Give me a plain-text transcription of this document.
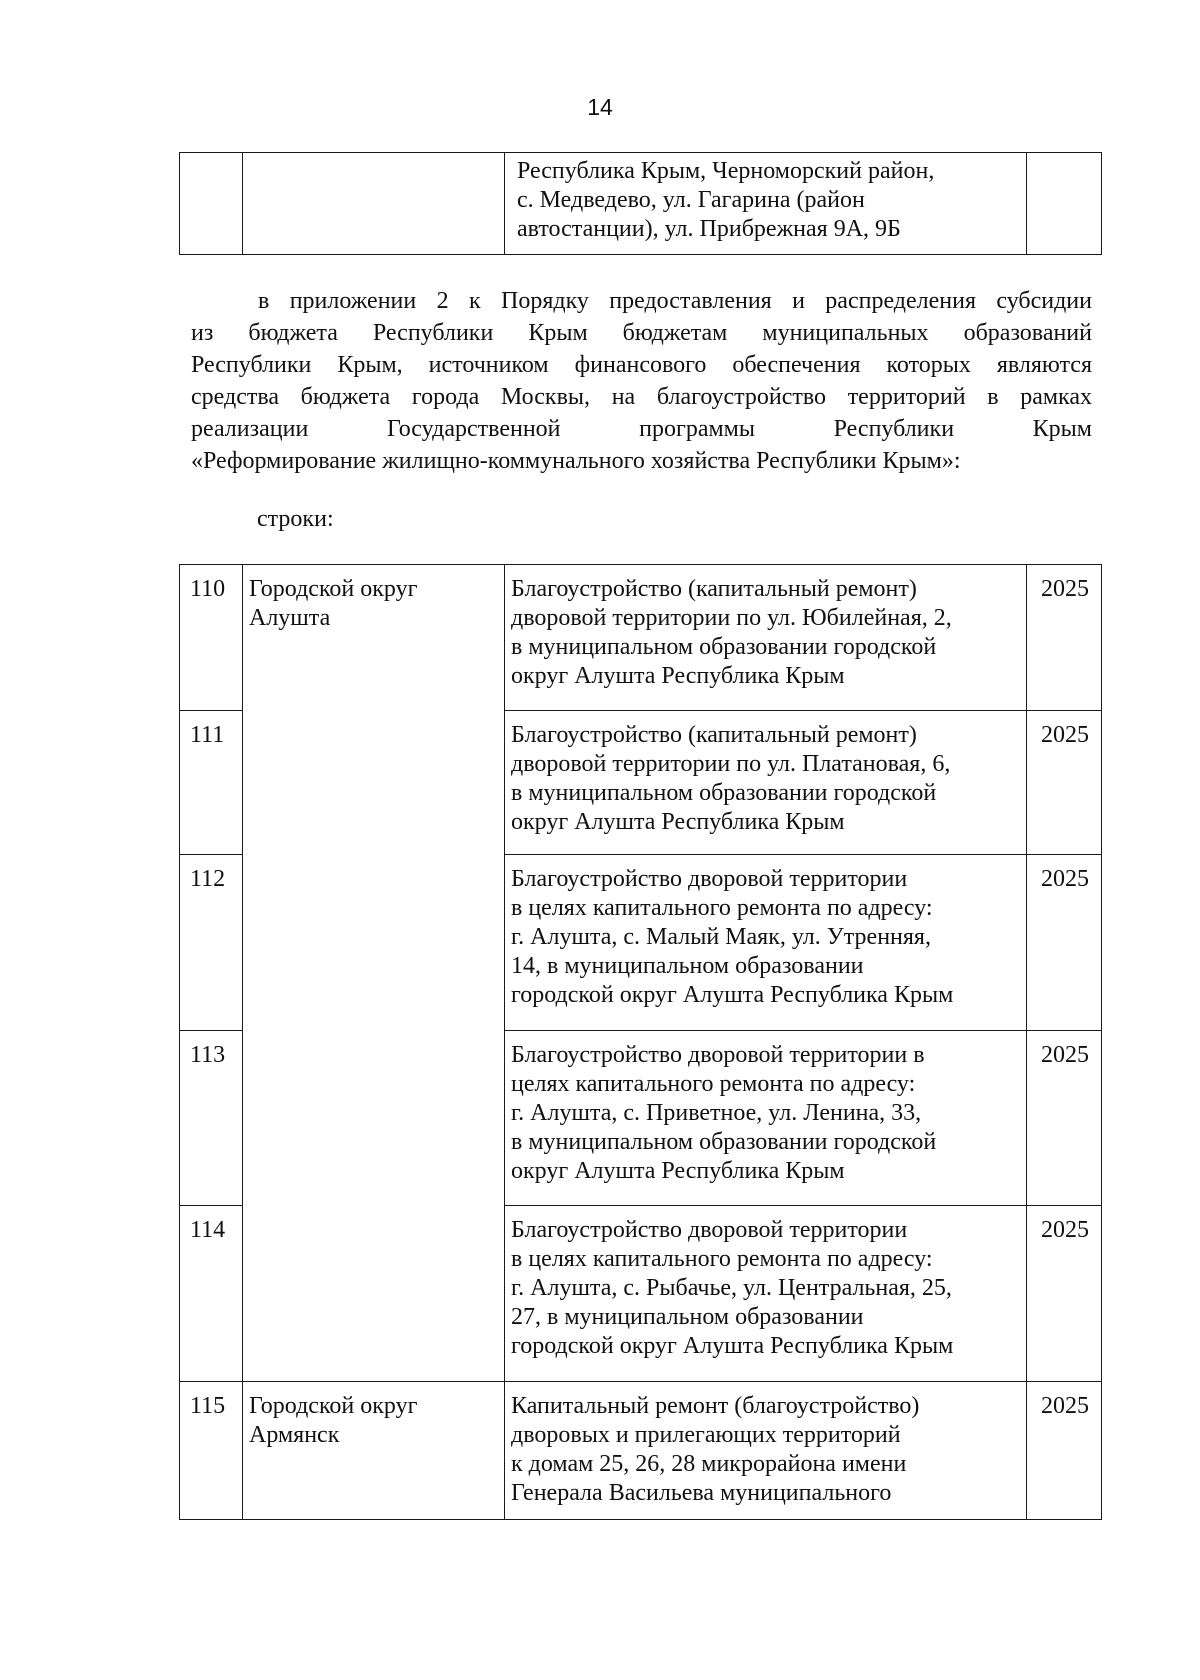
14

Республика Крым, Черноморский район,
с. Медведево, ул. Гагарина (район
автостанции), ул. Прибрежная 9А, 9Б

в приложении 2 к Порядку предоставления и распределения субсидии
из бюджета Республики Крым бюджетам муниципальных образований
Республики Крым, источником финансового обеспечения которых являются
средства бюджета города Москвы, на благоустройство территорий в рамках
реализации Государственной программы Республики Крым
«Реформирование жилищно-коммунального хозяйства Республики Крым»:
строки:
110	Городской округ
Алушта	Благоустройство (капитальный ремонт)
дворовой территории по ул. Юбилейная, 2,
в муниципальном образовании городской
округ Алушта Республика Крым	2025
111		Благоустройство (капитальный ремонт)
дворовой территории по ул. Платановая, 6,
в муниципальном образовании городской
округ Алушта Республика Крым	2025
112		Благоустройство дворовой территории
в целях капитального ремонта по адресу:
г. Алушта, с. Малый Маяк, ул. Утренняя,
14, в муниципальном образовании
городской округ Алушта Республика Крым	2025
113		Благоустройство дворовой территории в
целях капитального ремонта по адресу:
г. Алушта, с. Приветное, ул. Ленина, 33,
в муниципальном образовании городской
округ Алушта Республика Крым	2025
114		Благоустройство дворовой территории
в целях капитального ремонта по адресу:
г. Алушта, с. Рыбачье, ул. Центральная, 25,
27, в муниципальном образовании
городской округ Алушта Республика Крым	2025
115	Городской округ
Армянск	Капитальный ремонт (благоустройство)
дворовых и прилегающих территорий
к домам 25, 26, 28 микрорайона имени
Генерала Васильева муниципального	2025
